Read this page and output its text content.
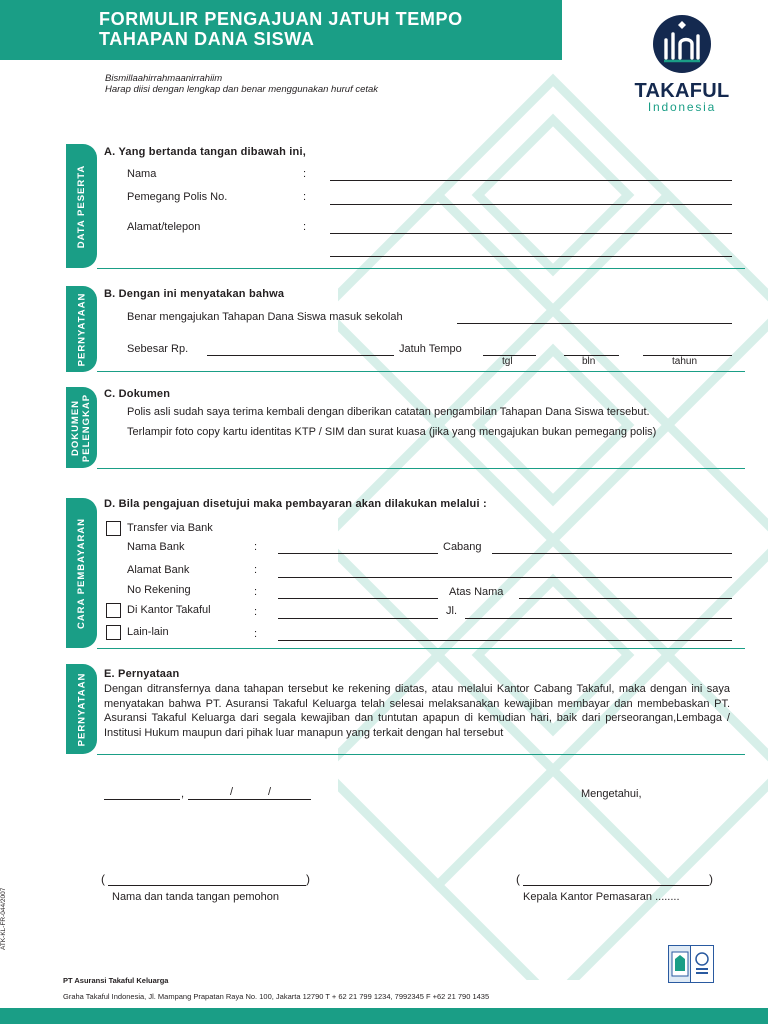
FORMULIR PENGAJUAN JATUH TEMPO
TAHAPAN DANA SISWA
TAKAFUL
Indonesia
Bismillaahirrahmaanirrahiim
Harap diisi dengan lengkap dan benar menggunakan huruf cetak
DATA PESERTA
A. Yang bertanda tangan dibawah ini,
Nama	:
Pemegang Polis No.	:
Alamat/telepon	:
PERNYATAAN B. Dengan ini menyatakan bahwa
Benar mengajukan Tahapan Dana Siswa masuk sekolah
Sebesar Rp.	Jatuh Tempo
tgl	bln	tahun
DOKUMEN PELENGKAP C. Dokumen
Polis asli sudah saya terima kembali dengan diberikan catatan pengambilan Tahapan Dana Siswa tersebut.
Terlampir foto copy kartu identitas KTP / SIM dan surat kuasa (jika yang mengajukan bukan pemegang polis)
CARA PEMBAYARAN
D. Bila pengajuan disetujui maka pembayaran akan dilakukan melalui :
Transfer via Bank
Nama Bank	:	Cabang
Alamat Bank	:
No Rekening	:	Atas Nama
Di Kantor Takaful	:	Jl.
Lain-lain	:
PERNYATAAN E. Pernyataan
Dengan ditransfernya dana tahapan tersebut ke rekening diatas, atau melalui Kantor Cabang Takaful, maka dengan ini saya menyatakan bahwa PT. Asuransi Takaful Keluarga telah selesai melaksanakan kewajiban membayar dan membebaskan PT. Asuransi Takaful Keluarga dari segala kewajiban dan tuntutan apapun di kemudian hari, baik dari perseorangan,Lembaga / Institusi Hukum maupun dari pihak luar manapun yang terkait dengan hal tersebut
,	/	/	Mengetahui,
(	)
Nama dan tanda tangan pemohon
(	)
Kepala Kantor Pemasaran ........
ATK-KL-FR-044/2007
PT Asuransi Takaful Keluarga
Graha Takaful Indonesia, Jl. Mampang Prapatan Raya No. 100, Jakarta 12790 T + 62 21 799 1234, 7992345 F +62 21 790 1435
